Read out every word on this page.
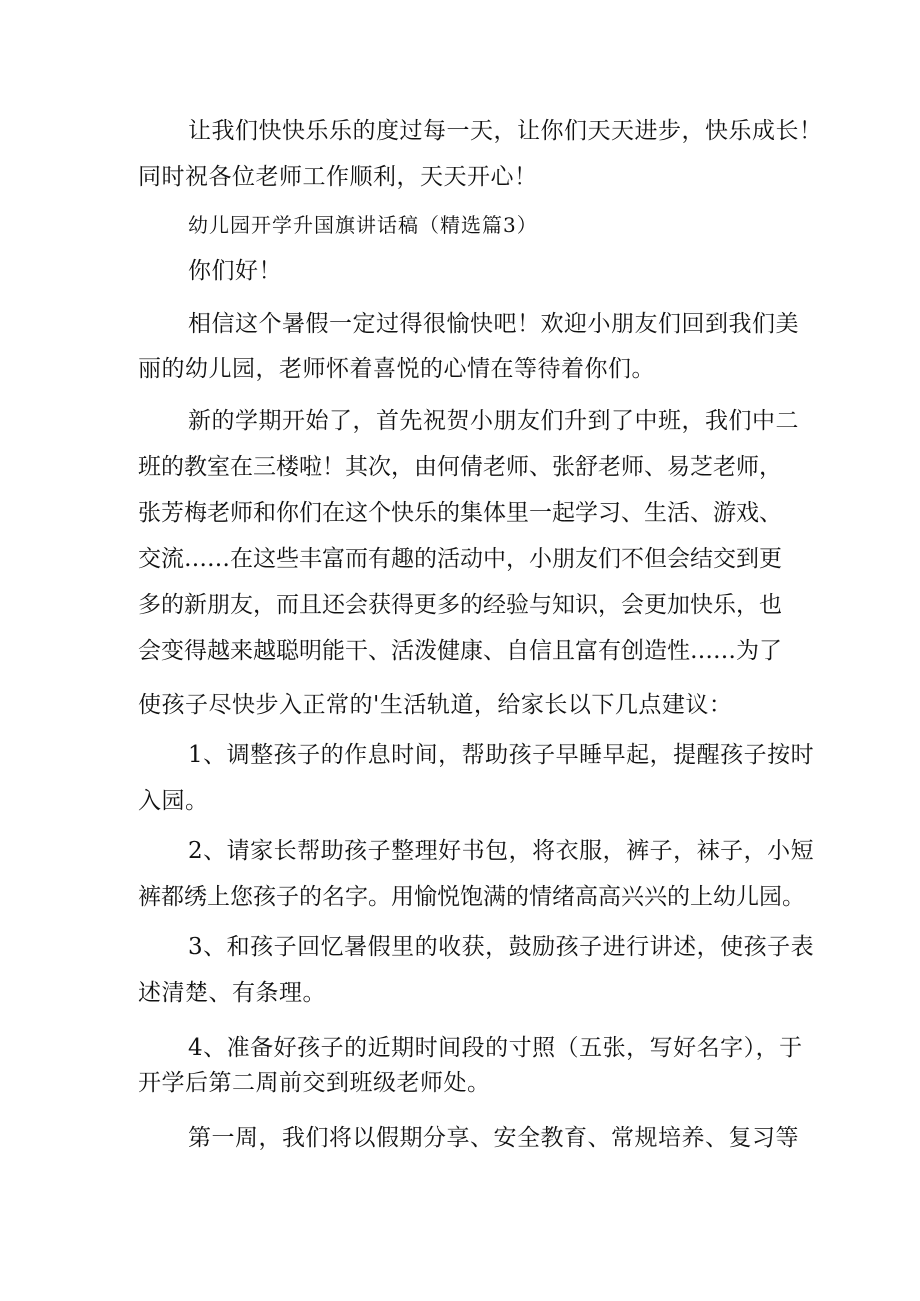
让我们快快乐乐的度过每一天，让你们天天进步，快乐成长！
同时祝各位老师工作顺利，天天开心！
幼儿园开学升国旗讲话稿（精选篇3）
你们好！
相信这个暑假一定过得很愉快吧！欢迎小朋友们回到我们美
丽的幼儿园，老师怀着喜悦的心情在等待着你们。
新的学期开始了，首先祝贺小朋友们升到了中班，我们中二
班的教室在三楼啦！其次，由何倩老师、张舒老师、易芝老师，
张芳梅老师和你们在这个快乐的集体里一起学习、生活、游戏、
交流……在这些丰富而有趣的活动中，小朋友们不但会结交到更
多的新朋友，而且还会获得更多的经验与知识，会更加快乐，也
会变得越来越聪明能干、活泼健康、自信且富有创造性……为了
使孩子尽快步入正常的'生活轨道，给家长以下几点建议：
1、调整孩子的作息时间，帮助孩子早睡早起，提醒孩子按时
入园。
2、请家长帮助孩子整理好书包，将衣服，裤子，袜子，小短
裤都绣上您孩子的名字。用愉悦饱满的情绪高高兴兴的上幼儿园。
3、和孩子回忆暑假里的收获，鼓励孩子进行讲述，使孩子表
述清楚、有条理。
4、准备好孩子的近期时间段的寸照（五张，写好名字），于
开学后第二周前交到班级老师处。
第一周，我们将以假期分享、安全教育、常规培养、复习等
